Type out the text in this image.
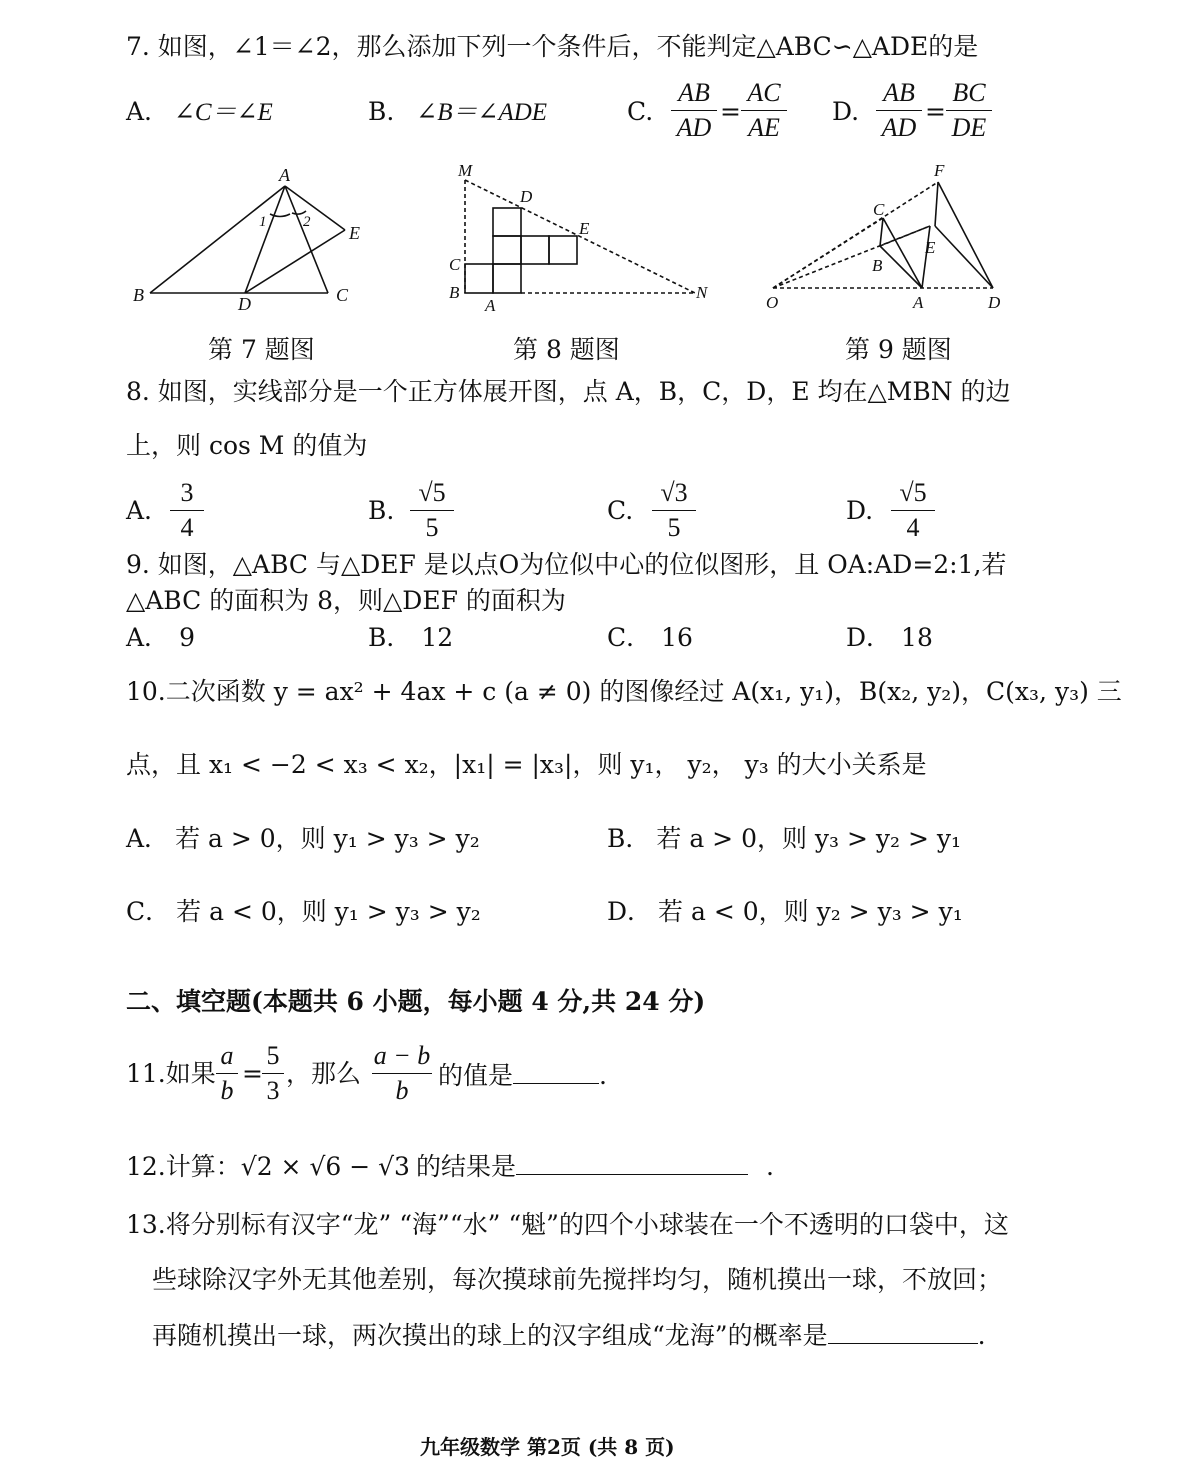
7. 如图，∠1＝∠2，那么添加下列一个条件后，不能判定△ABC∽△ADE的是
A. ∠C＝∠E	B. ∠B＝∠ADE	C.
AB
AD
=
AC
AE
D.
AB
AD
=
BC
DE
A
B	C
D
E
1 2
M
D
E
C
B
A
N
F
C
E
B
O	A	D
第 7 题图	第 8 题图	第 9 题图
8. 如图，实线部分是一个正方体展开图，点 A，B，C，D，E 均在△MBN 的边
上，则 cos M 的值为
A.
3
4
B.
√5
5
C.
√3
5
D.
√5
4
9. 如图，△ABC 与△DEF 是以点O为位似中心的位似图形，且 OA:AD=2:1,若
△ABC 的面积为 8，则△DEF 的面积为
A． 9	B． 12	C． 16	D． 18
10.二次函数 y = ax² + 4ax + c (a ≠ 0) 的图像经过 A(x₁, y₁)，B(x₂, y₂)，C(x₃, y₃) 三
点，且 x₁ < −2 < x₃ < x₂，|x₁| = |x₃|，则 y₁， y₂， y₃ 的大小关系是
A． 若 a > 0，则 y₁ > y₃ > y₂	B． 若 a > 0，则 y₃ > y₂ > y₁
C． 若 a < 0，则 y₁ > y₃ > y₂	D． 若 a < 0，则 y₂ > y₃ > y₁
二、填空题(本题共 6 小题，每小题 4 分,共 24 分)
11.如果
a
b
=
5
3
，那么
a − b
b
的值是	.
12.计算：√2 × √6 − √3 的结果是	.
13.将分别标有汉字“龙” “海”“水” “魁”的四个小球装在一个不透明的口袋中，这
些球除汉字外无其他差别，每次摸球前先搅拌均匀，随机摸出一球，不放回；
再随机摸出一球，两次摸出的球上的汉字组成“龙海”的概率是	.
九年级数学 第2页 (共 8 页)
